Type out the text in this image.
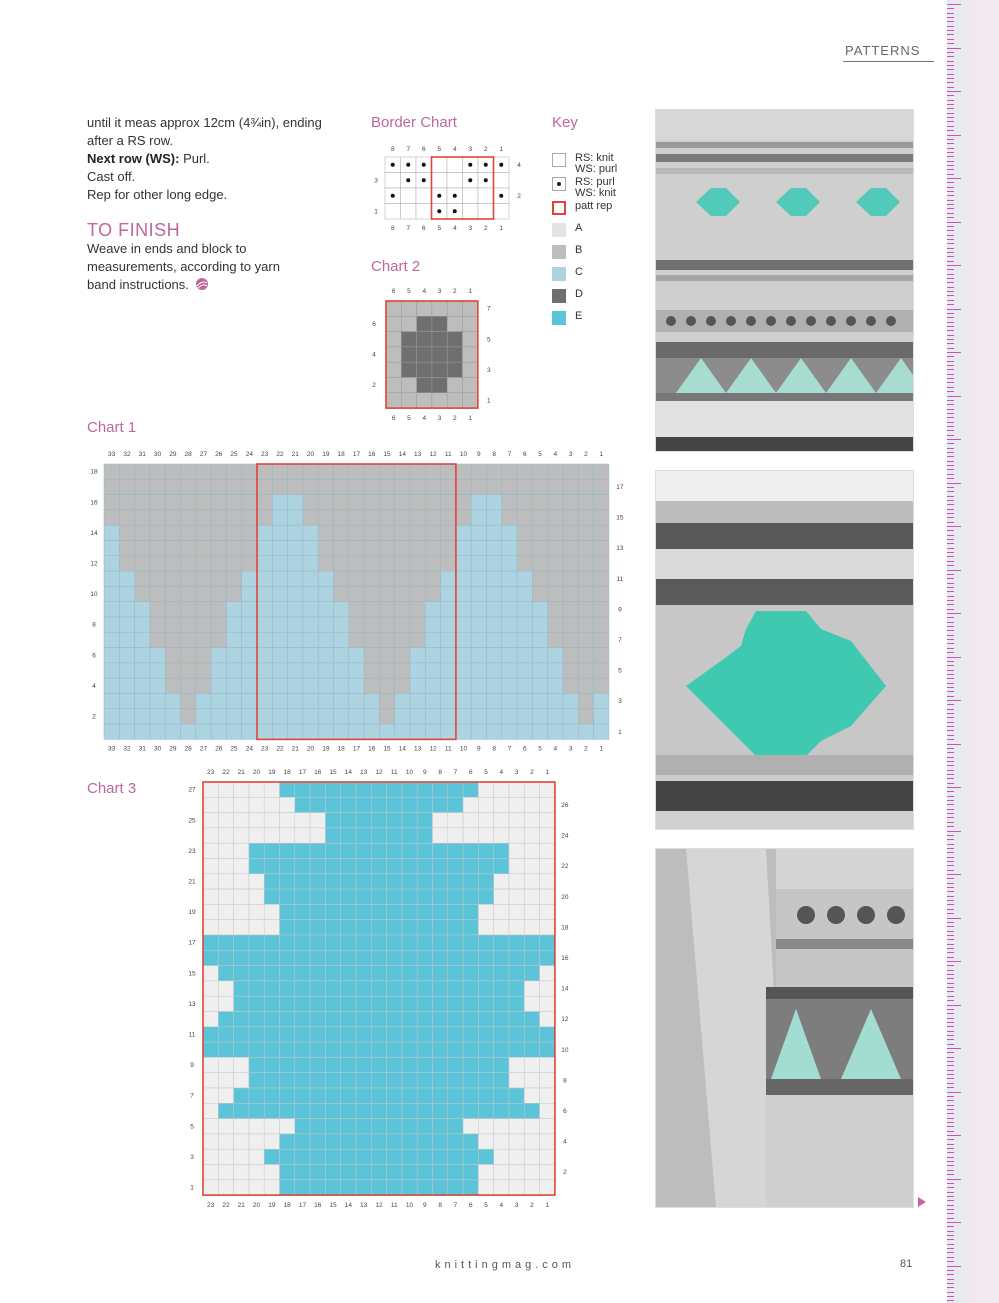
PATTERNS
until it meas approx 12cm (4¾in), ending
after a RS row.
Next row (WS): Purl.
Cast off.
Rep for other long edge.
TO FINISH
Weave in ends and block to
measurements, according to yarn
band instructions.
Border Chart
Chart 2
Chart 1
Chart 3
Key
RS: knit
WS: purl
RS: purl
WS: knit
patt rep
A
B
C
D
E
8
8
7
7
6
6
5
5
4
4
3
3
2
2
1
1
3
1
4
2
6
6
5
5
4
4
3
3
2
2
1
1
6
4
2
7
5
3
1
33
33
32
32
31
31
30
30
29
29
28
28
27
27
26
26
25
25
24
24
23
23
22
22
21
21
20
20
19
19
18
18
17
17
16
16
15
15
14
14
13
13
12
12
11
11
10
10
9
9
8
8
7
7
6
6
5
5
4
4
3
3
2
2
1
1
18
16
14
12
10
8
6
4
2
17
15
13
11
9
7
5
3
1
23
23
22
22
21
21
20
20
19
19
18
18
17
17
16
16
15
15
14
14
13
13
12
12
11
11
10
10
9
9
8
8
7
7
6
6
5
5
4
4
3
3
2
2
1
1
27
25
23
21
19
17
15
13
11
9
7
5
3
1
26
24
22
20
18
16
14
12
10
8
6
4
2
knittingmag.com	81
